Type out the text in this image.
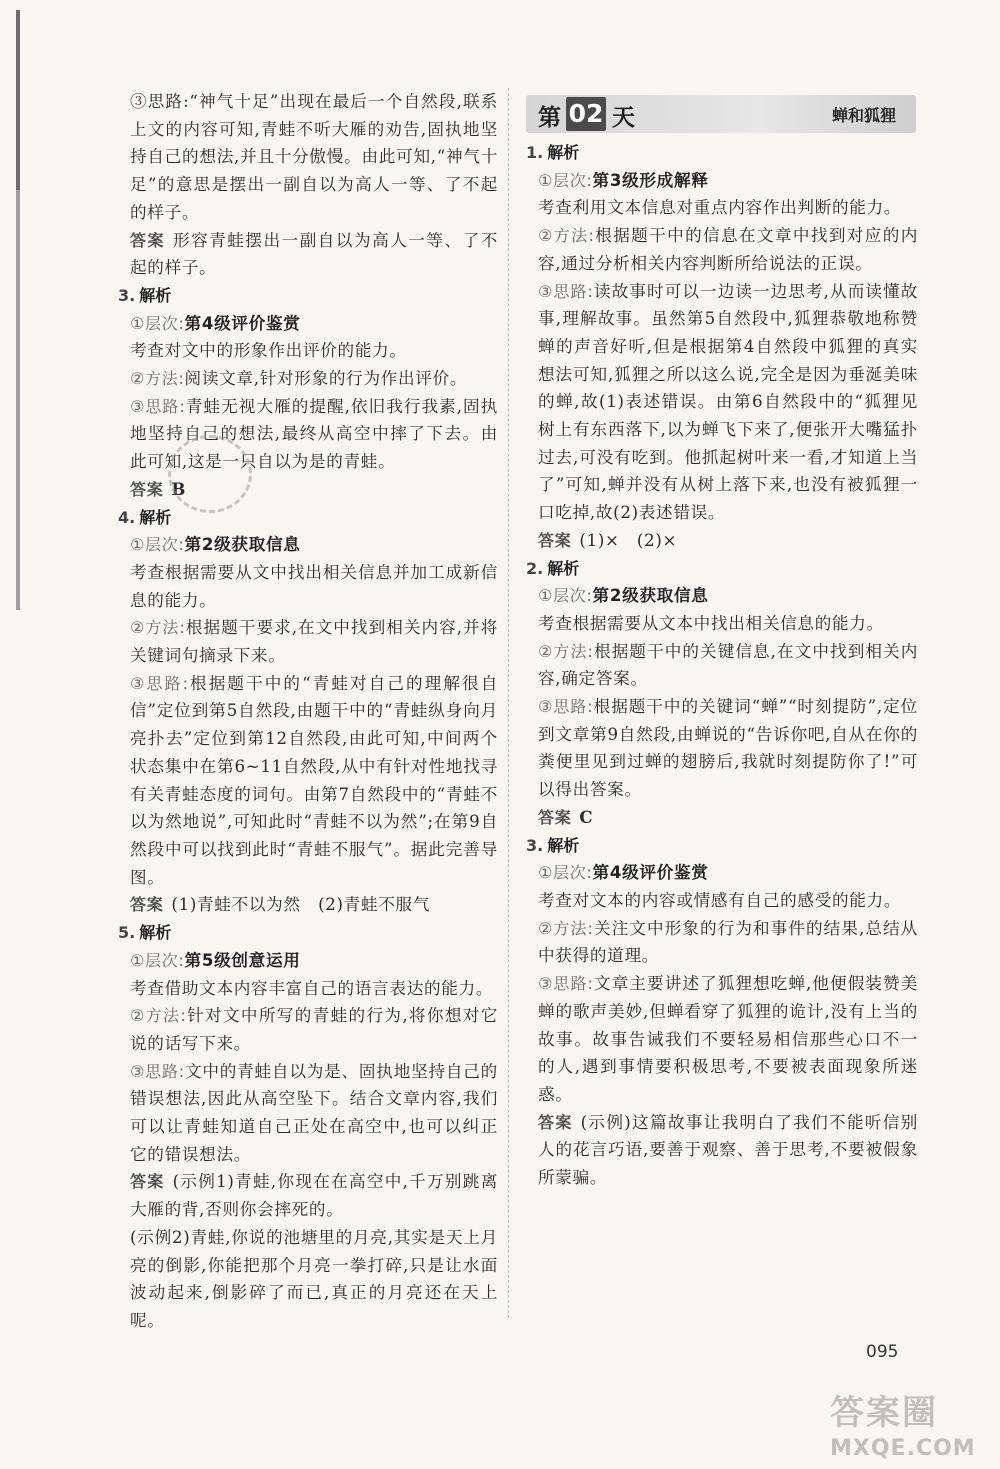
③思路:“神气十足”出现在最后一个自然段,联系上文的内容可知,青蛙不听大雁的劝告,固执地坚持自己的想法,并且十分傲慢。由此可知,“神气十足”的意思是摆出一副自以为高人一等、了不起的样子。
答案 形容青蛙摆出一副自以为高人一等、了不起的样子。
3. 解析
①层次:第4级评价鉴赏
考查对文中的形象作出评价的能力。
②方法:阅读文章,针对形象的行为作出评价。
③思路:青蛙无视大雁的提醒,依旧我行我素,固执地坚持自己的想法,最终从高空中摔了下去。由此可知,这是一只自以为是的青蛙。
答案 B
4. 解析
①层次:第2级获取信息
考查根据需要从文中找出相关信息并加工成新信息的能力。
②方法:根据题干要求,在文中找到相关内容,并将关键词句摘录下来。
③思路:根据题干中的“青蛙对自己的理解很自信”定位到第5自然段,由题干中的“青蛙纵身向月亮扑去”定位到第12自然段,由此可知,中间两个状态集中在第6~11自然段,从中有针对性地找寻有关青蛙态度的词句。由第7自然段中的“青蛙不以为然地说”,可知此时“青蛙不以为然”;在第9自然段中可以找到此时“青蛙不服气”。据此完善导图。
答案 (1)青蛙不以为然　(2)青蛙不服气
5. 解析
①层次:第5级创意运用
考查借助文本内容丰富自己的语言表达的能力。
②方法:针对文中所写的青蛙的行为,将你想对它说的话写下来。
③思路:文中的青蛙自以为是、固执地坚持自己的错误想法,因此从高空坠下。结合文章内容,我们可以让青蛙知道自己正处在高空中,也可以纠正它的错误想法。
答案 (示例1)青蛙,你现在在高空中,千万别跳离大雁的背,否则你会摔死的。
(示例2)青蛙,你说的池塘里的月亮,其实是天上月亮的倒影,你能把那个月亮一拳打碎,只是让水面波动起来,倒影碎了而已,真正的月亮还在天上呢。
第 02 天	蝉和狐狸
1. 解析
①层次:第3级形成解释
考查利用文本信息对重点内容作出判断的能力。
②方法:根据题干中的信息在文章中找到对应的内容,通过分析相关内容判断所给说法的正误。
③思路:读故事时可以一边读一边思考,从而读懂故事,理解故事。虽然第5自然段中,狐狸恭敬地称赞蝉的声音好听,但是根据第4自然段中狐狸的真实想法可知,狐狸之所以这么说,完全是因为垂涎美味的蝉,故(1)表述错误。由第6自然段中的“狐狸见树上有东西落下,以为蝉飞下来了,便张开大嘴猛扑过去,可没有吃到。他抓起树叶来一看,才知道上当了”可知,蝉并没有从树上落下来,也没有被狐狸一口吃掉,故(2)表述错误。
答案 (1)×　(2)×
2. 解析
①层次:第2级获取信息
考查根据需要从文本中找出相关信息的能力。
②方法:根据题干中的关键信息,在文中找到相关内容,确定答案。
③思路:根据题干中的关键词“蝉”“时刻提防”,定位到文章第9自然段,由蝉说的“告诉你吧,自从在你的粪便里见到过蝉的翅膀后,我就时刻提防你了!”可以得出答案。
答案 C
3. 解析
①层次:第4级评价鉴赏
考查对文本的内容或情感有自己的感受的能力。
②方法:关注文中形象的行为和事件的结果,总结从中获得的道理。
③思路:文章主要讲述了狐狸想吃蝉,他便假装赞美蝉的歌声美妙,但蝉看穿了狐狸的诡计,没有上当的故事。故事告诫我们不要轻易相信那些心口不一的人,遇到事情要积极思考,不要被表面现象所迷惑。
答案 (示例)这篇故事让我明白了我们不能听信别人的花言巧语,要善于观察、善于思考,不要被假象所蒙骗。
095
答案圈
MXQE.COM
